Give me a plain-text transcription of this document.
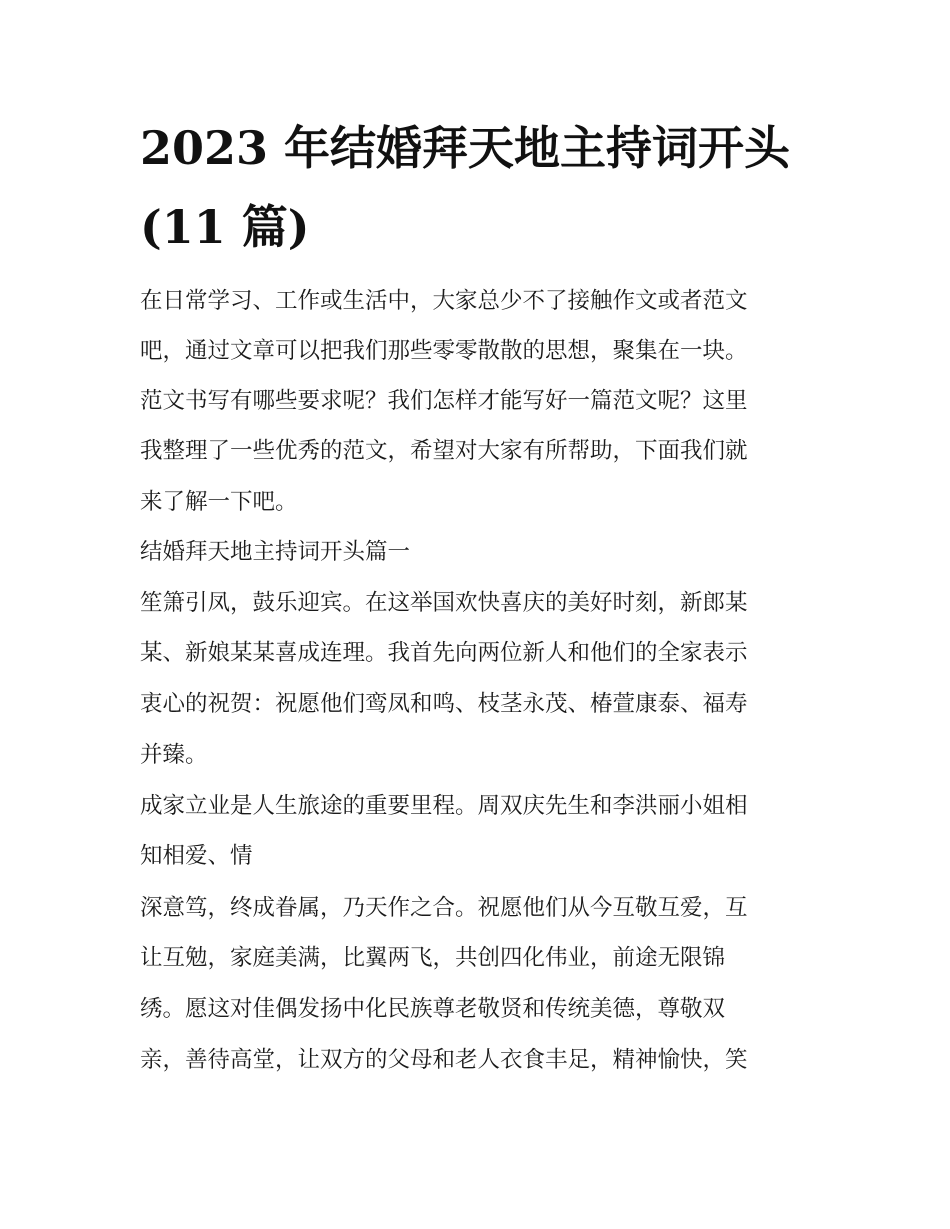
2023 年结婚拜天地主持词开头
(11 篇)

在日常学习、工作或生活中，大家总少不了接触作文或者范文

吧，通过文章可以把我们那些零零散散的思想，聚集在一块。

范文书写有哪些要求呢？我们怎样才能写好一篇范文呢？这里

我整理了一些优秀的范文，希望对大家有所帮助，下面我们就

来了解一下吧。

结婚拜天地主持词开头篇一

笙箫引凤，鼓乐迎宾。在这举国欢快喜庆的美好时刻，新郎某

某、新娘某某喜成连理。我首先向两位新人和他们的全家表示

衷心的祝贺：祝愿他们鸾凤和鸣、枝茎永茂、椿萱康泰、福寿

并臻。

成家立业是人生旅途的重要里程。周双庆先生和李洪丽小姐相

知相爱、情

深意笃，终成眷属，乃天作之合。祝愿他们从今互敬互爱，互

让互勉，家庭美满，比翼两飞，共创四化伟业，前途无限锦

绣。愿这对佳偶发扬中化民族尊老敬贤和传统美德，尊敬双

亲，善待高堂，让双方的父母和老人衣食丰足，精神愉快，笑
